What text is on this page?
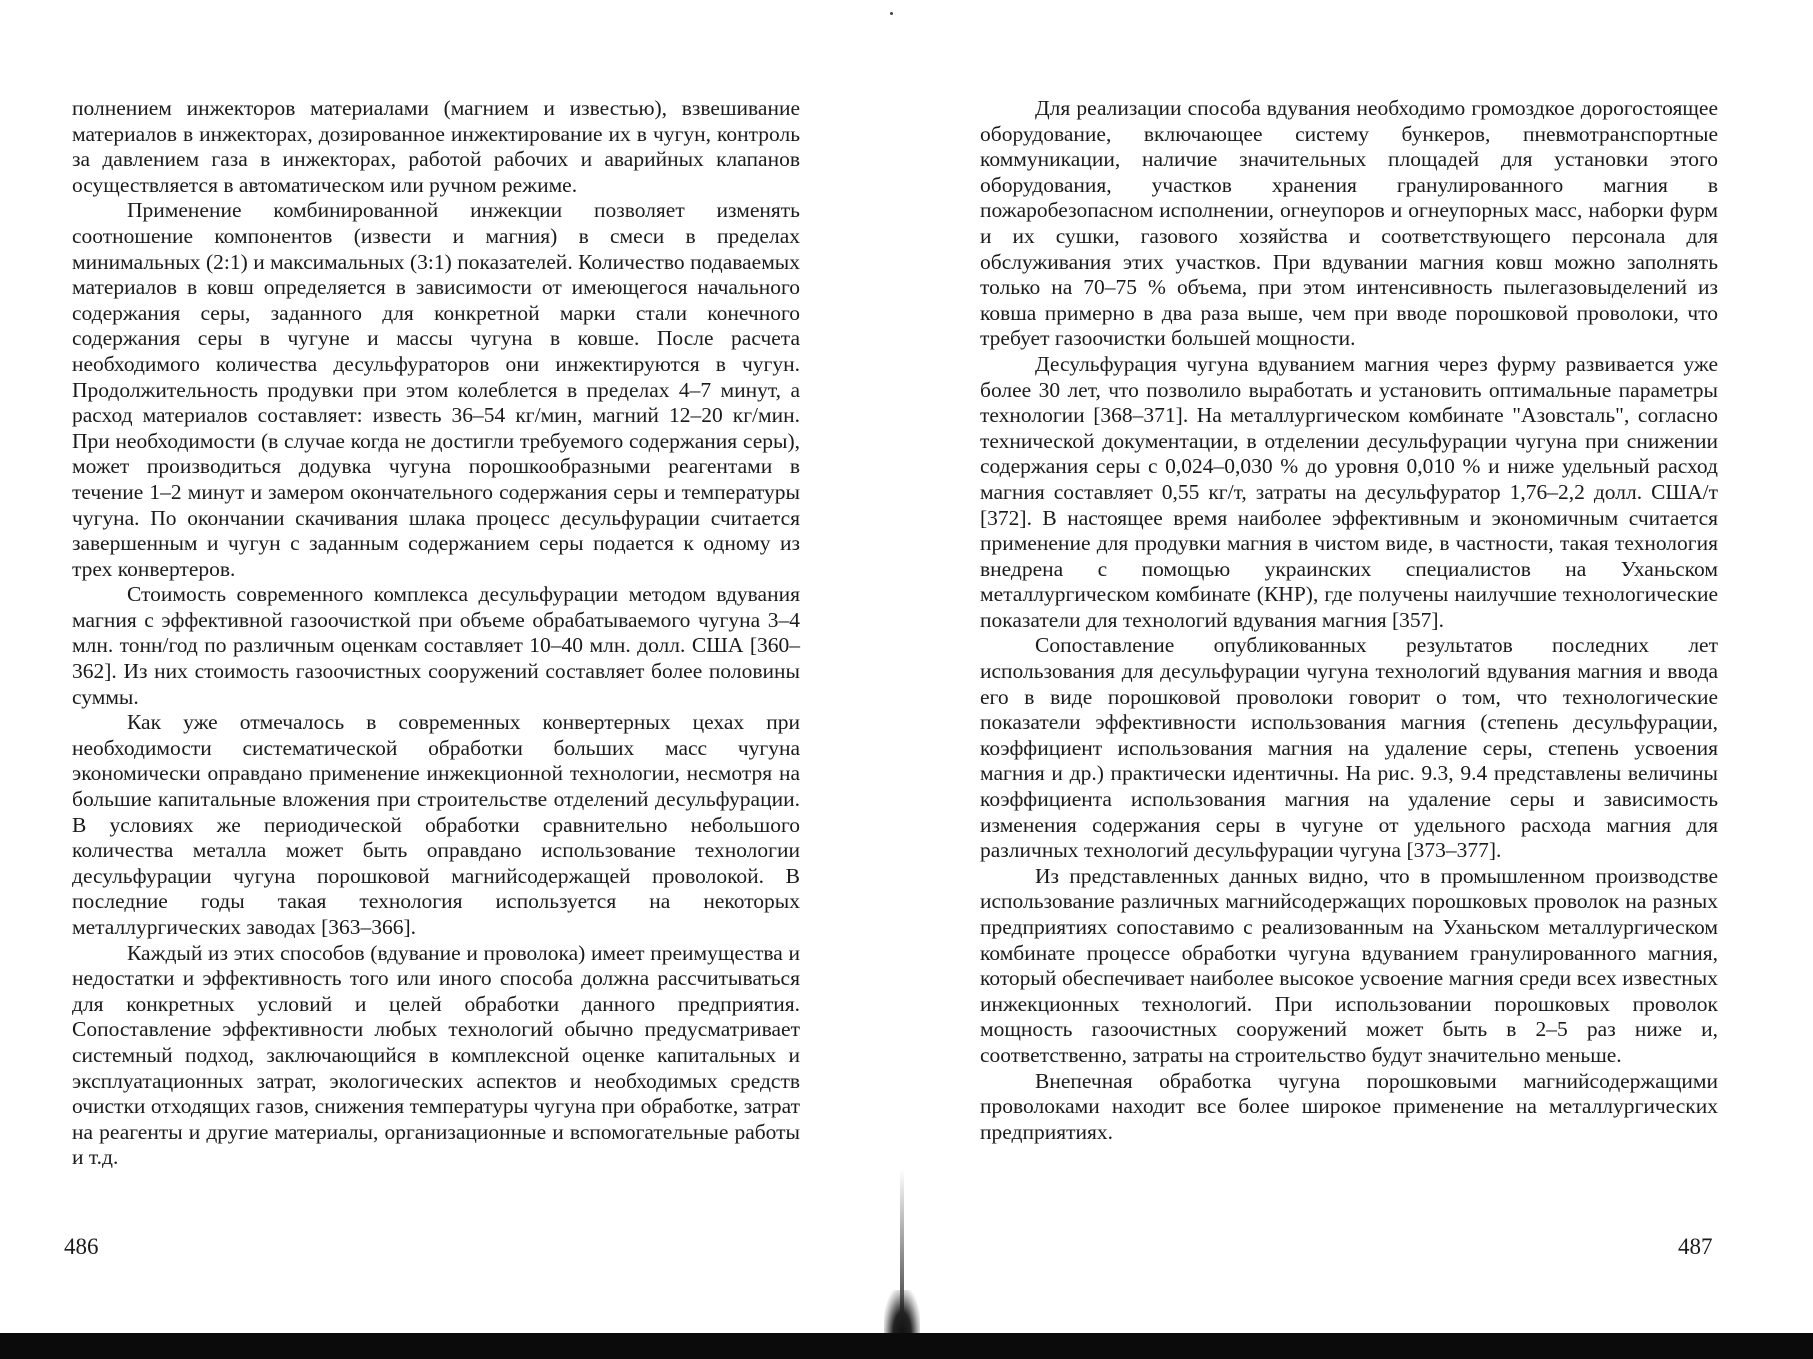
полнением инжекторов материалами (магнием и известью), взвешивание материалов в инжекторах, дозированное инжектирование их в чугун, контроль за давлением газа в инжекторах, работой рабочих и аварийных клапанов осуществляется в автоматическом или ручном режиме.

Применение комбинированной инжекции позволяет изменять соотношение компонентов (извести и магния) в смеси в пределах минимальных (2:1) и максимальных (3:1) показателей. Количество подаваемых материалов в ковш определяется в зависимости от имеющегося начального содержания серы, заданного для конкретной марки стали конечного содержания серы в чугуне и массы чугуна в ковше. После расчета необходимого количества десульфураторов они инжектируются в чугун. Продолжительность продувки при этом колеблется в пределах 4–7 минут, а расход материалов составляет: известь 36–54 кг/мин, магний 12–20 кг/мин. При необходимости (в случае когда не достигли требуемого содержания серы), может производиться додувка чугуна порошкообразными реагентами в течение 1–2 минут и замером окончательного содержания серы и температуры чугуна. По окончании скачивания шлака процесс десульфурации считается завершенным и чугун с заданным содержанием серы подается к одному из трех конвертеров.

Стоимость современного комплекса десульфурации методом вдувания магния с эффективной газоочисткой при объеме обрабатываемого чугуна 3–4 млн. тонн/год по различным оценкам составляет 10–40 млн. долл. США [360–362]. Из них стоимость газоочистных сооружений составляет более половины суммы.

Как уже отмечалось в современных конвертерных цехах при необходимости систематической обработки больших масс чугуна экономически оправдано применение инжекционной технологии, несмотря на большие капитальные вложения при строительстве отделений десульфурации. В условиях же периодической обработки сравнительно небольшого количества металла может быть оправдано использование технологии десульфурации чугуна порошковой магнийсодержащей проволокой. В последние годы такая технология используется на некоторых металлургических заводах [363–366].

Каждый из этих способов (вдувание и проволока) имеет преимущества и недостатки и эффективность того или иного способа должна рассчитываться для конкретных условий и целей обработки данного предприятия. Сопоставление эффективности любых технологий обычно предусматривает системный подход, заключающийся в комплексной оценке капитальных и эксплуатационных затрат, экологических аспектов и необходимых средств очистки отходящих газов, снижения температуры чугуна при обработке, затрат на реагенты и другие материалы, организационные и вспомогательные работы и т.д.

486

Для реализации способа вдувания необходимо громоздкое дорогостоящее оборудование, включающее систему бункеров, пневмотранспортные коммуникации, наличие значительных площадей для установки этого оборудования, участков хранения гранулированного магния в пожаробезопасном исполнении, огнеупоров и огнеупорных масс, наборки фурм и их сушки, газового хозяйства и соответствующего персонала для обслуживания этих участков. При вдувании магния ковш можно заполнять только на 70–75 % объема, при этом интенсивность пылегазовыделений из ковша примерно в два раза выше, чем при вводе порошковой проволоки, что требует газоочистки большей мощности.

Десульфурация чугуна вдуванием магния через фурму развивается уже более 30 лет, что позволило выработать и установить оптимальные параметры технологии [368–371]. На металлургическом комбинате "Азовсталь", согласно технической документации, в отделении десульфурации чугуна при снижении содержания серы с 0,024–0,030 % до уровня 0,010 % и ниже удельный расход магния составляет 0,55 кг/т, затраты на десульфуратор 1,76–2,2 долл. США/т [372]. В настоящее время наиболее эффективным и экономичным считается применение для продувки магния в чистом виде, в частности, такая технология внедрена с помощью украинских специалистов на Уханьском металлургическом комбинате (КНР), где получены наилучшие технологические показатели для технологий вдувания магния [357].

Сопоставление опубликованных результатов последних лет использования для десульфурации чугуна технологий вдувания магния и ввода его в виде порошковой проволоки говорит о том, что технологические показатели эффективности использования магния (степень десульфурации, коэффициент использования магния на удаление серы, степень усвоения магния и др.) практически идентичны. На рис. 9.3, 9.4 представлены величины коэффициента использования магния на удаление серы и зависимость изменения содержания серы в чугуне от удельного расхода магния для различных технологий десульфурации чугуна [373–377].

Из представленных данных видно, что в промышленном производстве использование различных магнийсодержащих порошковых проволок на разных предприятиях сопоставимо с реализованным на Уханьском металлургическом комбинате процессе обработки чугуна вдуванием гранулированного магния, который обеспечивает наиболее высокое усвоение магния среди всех известных инжекционных технологий. При использовании порошковых проволок мощность газоочистных сооружений может быть в 2–5 раз ниже и, соответственно, затраты на строительство будут значительно меньше.

Внепечная обработка чугуна порошковыми магнийсодержащими проволоками находит все более широкое применение на металлургических предприятиях.

487
